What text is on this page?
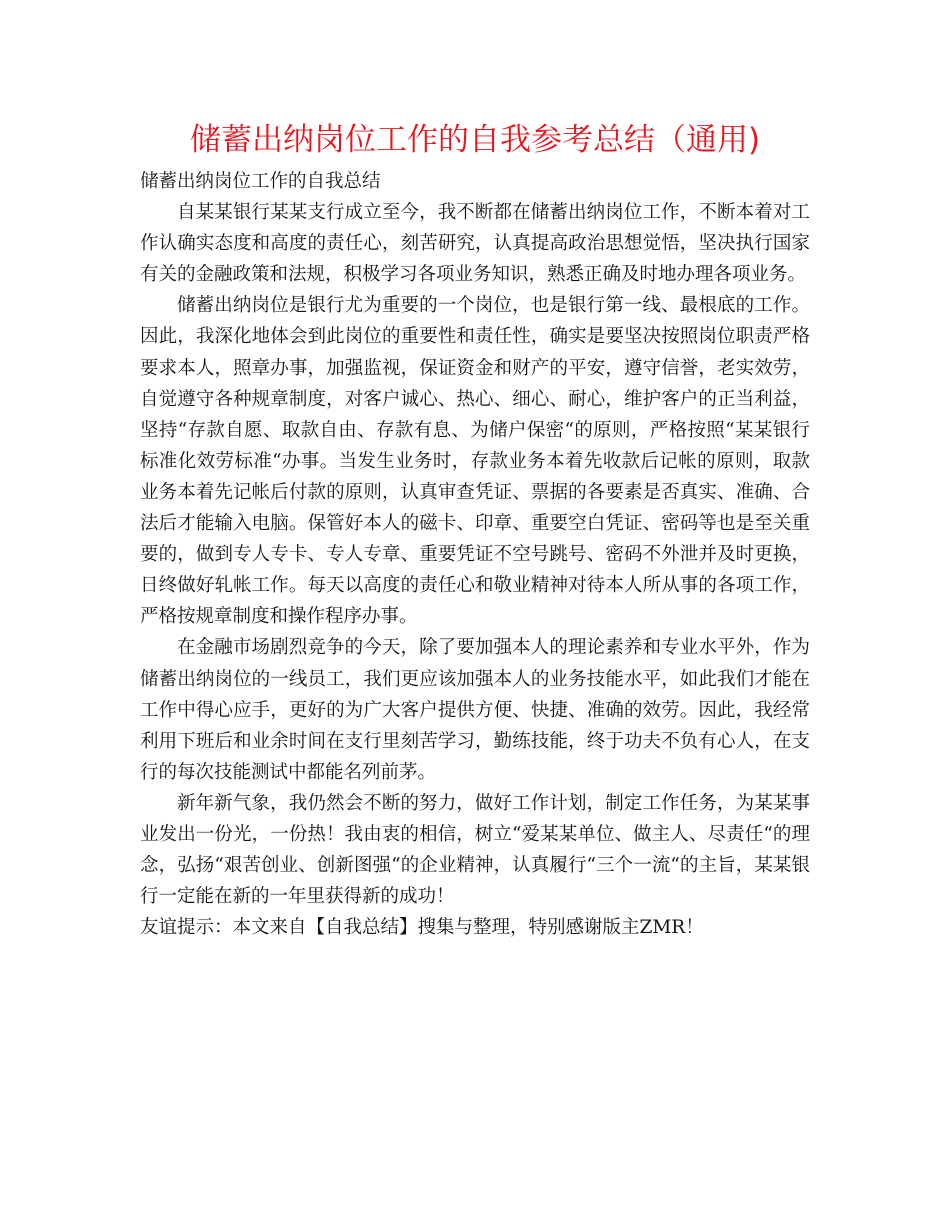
储蓄出纳岗位工作的自我参考总结（通用)

储蓄出纳岗位工作的自我总结

自某某银行某某支行成立至今，我不断都在储蓄出纳岗位工作，不断本着对工作认确实态度和高度的责任心，刻苦研究，认真提高政治思想觉悟，坚决执行国家有关的金融政策和法规，积极学习各项业务知识，熟悉正确及时地办理各项业务。

储蓄出纳岗位是银行尤为重要的一个岗位，也是银行第一线、最根底的工作。因此，我深化地体会到此岗位的重要性和责任性，确实是要坚决按照岗位职责严格要求本人，照章办事，加强监视，保证资金和财产的平安，遵守信誉，老实效劳，自觉遵守各种规章制度，对客户诚心、热心、细心、耐心，维护客户的正当利益，坚持“存款自愿、取款自由、存款有息、为储户保密“的原则，严格按照“某某银行标准化效劳标准“办事。当发生业务时，存款业务本着先收款后记帐的原则，取款业务本着先记帐后付款的原则，认真审查凭证、票据的各要素是否真实、准确、合法后才能输入电脑。保管好本人的磁卡、印章、重要空白凭证、密码等也是至关重要的，做到专人专卡、专人专章、重要凭证不空号跳号、密码不外泄并及时更换，日终做好轧帐工作。每天以高度的责任心和敬业精神对待本人所从事的各项工作，严格按规章制度和操作程序办事。

在金融市场剧烈竞争的今天，除了要加强本人的理论素养和专业水平外，作为储蓄出纳岗位的一线员工，我们更应该加强本人的业务技能水平，如此我们才能在工作中得心应手，更好的为广大客户提供方便、快捷、准确的效劳。因此，我经常利用下班后和业余时间在支行里刻苦学习，勤练技能，终于功夫不负有心人，在支行的每次技能测试中都能名列前茅。

新年新气象，我仍然会不断的努力，做好工作计划，制定工作任务，为某某事业发出一份光，一份热！我由衷的相信，树立“爱某某单位、做主人、尽责任“的理念，弘扬“艰苦创业、创新图强“的企业精神，认真履行“三个一流“的主旨，某某银行一定能在新的一年里获得新的成功！

友谊提示：本文来自【自我总结】搜集与整理，特别感谢版主ZMR！
